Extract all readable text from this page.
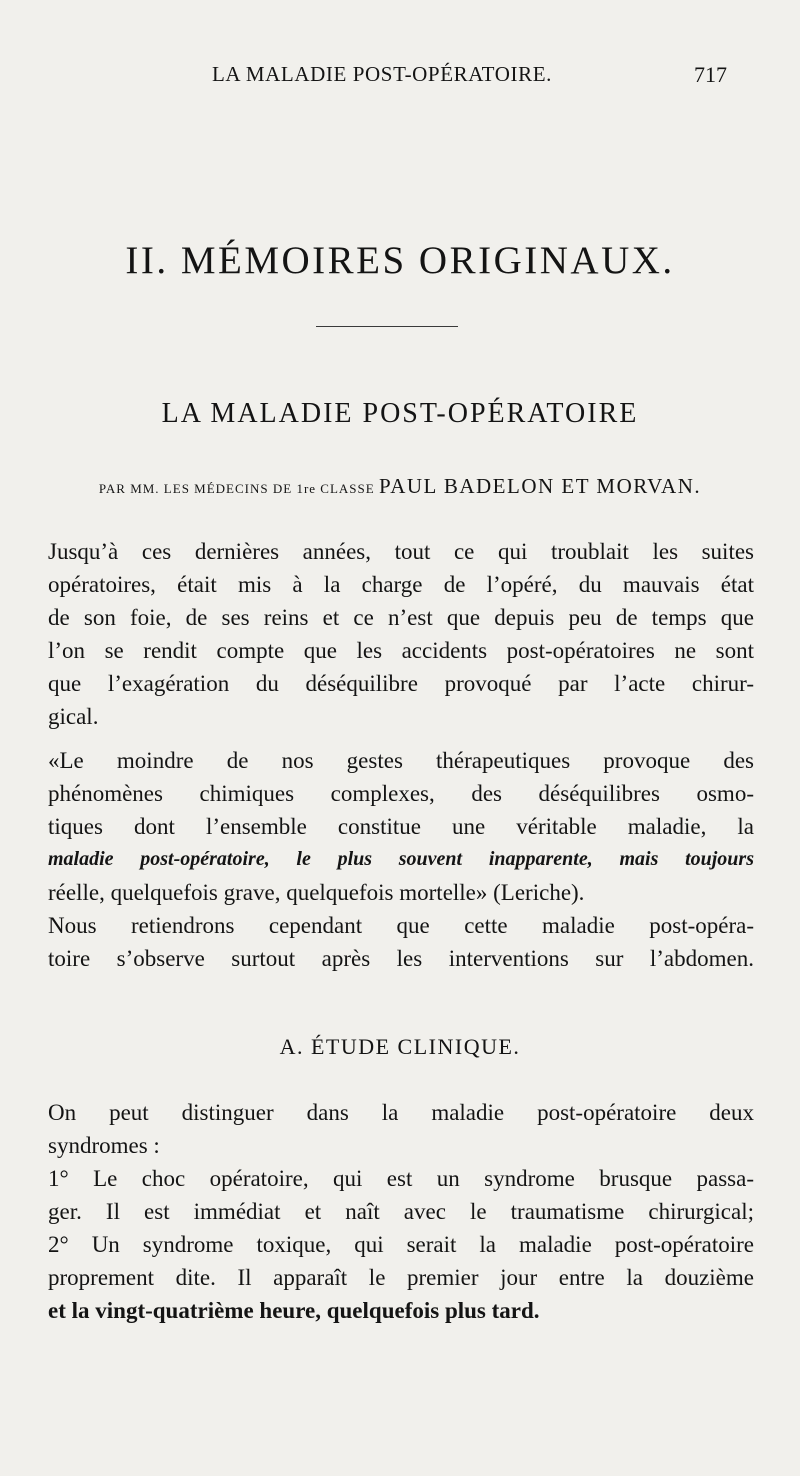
LA MALADIE POST-OPÉRATOIRE.	717
II. MÉMOIRES ORIGINAUX.
LA MALADIE POST-OPÉRATOIRE
PAR MM. LES MÉDECINS DE 1re CLASSE PAUL BADELON ET MORVAN.
Jusqu’à ces dernières années, tout ce qui troublait les suites
opératoires, était mis à la charge de l’opéré, du mauvais état
de son foie, de ses reins et ce n’est que depuis peu de temps que
l’on se rendit compte que les accidents post-opératoires ne sont
que l’exagération du déséquilibre provoqué par l’acte chirur-
gical.
«Le moindre de nos gestes thérapeutiques provoque des
phénomènes chimiques complexes, des déséquilibres osmo-
tiques dont l’ensemble constitue une véritable maladie, la
maladie post-opératoire, le plus souvent inapparente, mais toujours
réelle, quelquefois grave, quelquefois mortelle» (Leriche).
Nous retiendrons cependant que cette maladie post-opéra-
toire s’observe surtout après les interventions sur l’abdomen.
A. ÉTUDE CLINIQUE.
On peut distinguer dans la maladie post-opératoire deux
syndromes :
1° Le choc opératoire, qui est un syndrome brusque passa-
ger. Il est immédiat et naît avec le traumatisme chirurgical;
2° Un syndrome toxique, qui serait la maladie post-opératoire
proprement dite. Il apparaît le premier jour entre la douzième
et la vingt-quatrième heure, quelquefois plus tard.
